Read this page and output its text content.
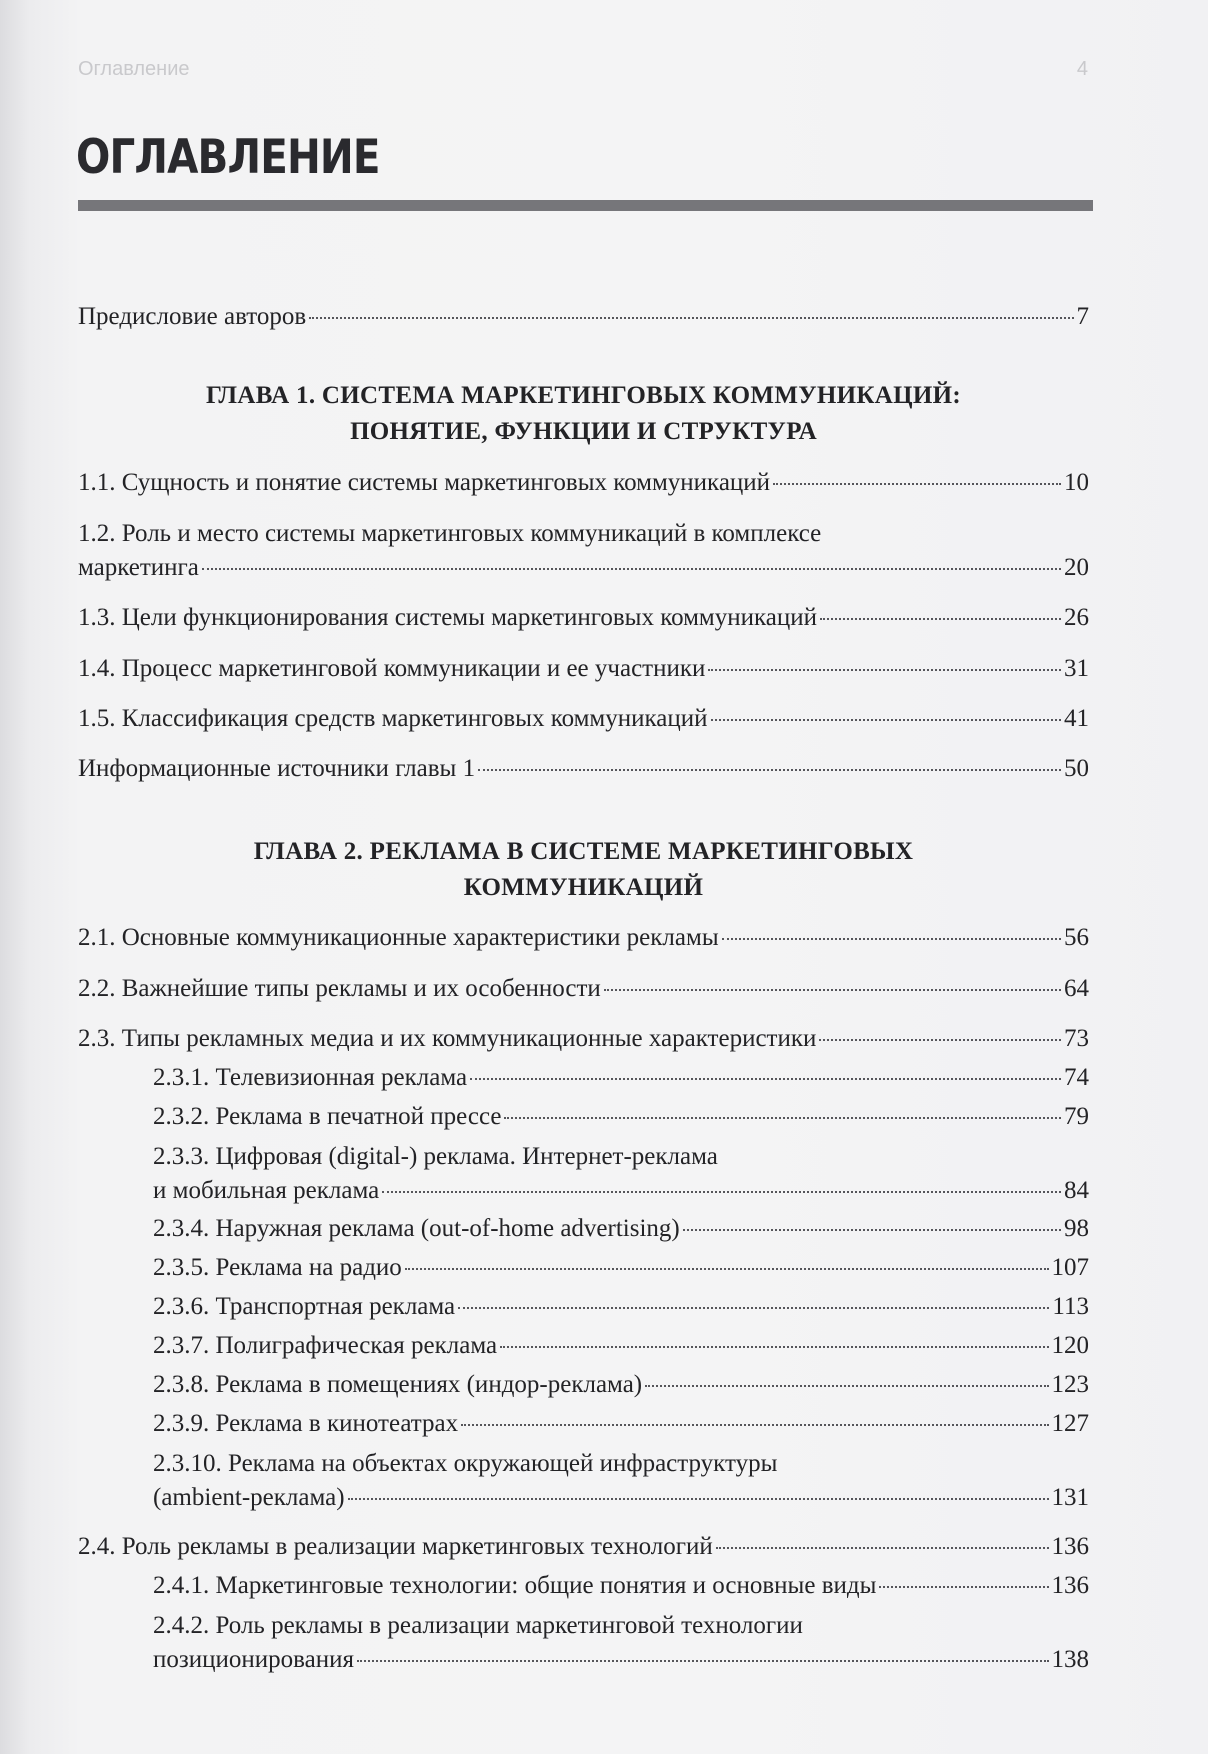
Оглавление	4
ОГЛАВЛЕНИЕ
Предисловие авторов	7
ГЛАВА 1. СИСТЕМА МАРКЕТИНГОВЫХ КОММУНИКАЦИЙ:
ПОНЯТИЕ, ФУНКЦИИ И СТРУКТУРА
1.1. Сущность и понятие системы маркетинговых коммуникаций	10
1.2. Роль и место системы маркетинговых коммуникаций в комплексе
маркетинга	20
1.3. Цели функционирования системы маркетинговых коммуникаций	26
1.4. Процесс маркетинговой коммуникации и ее участники	31
1.5. Классификация средств маркетинговых коммуникаций	41
Информационные источники главы 1	50
ГЛАВА 2. РЕКЛАМА В СИСТЕМЕ МАРКЕТИНГОВЫХ
КОММУНИКАЦИЙ
2.1. Основные коммуникационные характеристики рекламы	56
2.2. Важнейшие типы рекламы и их особенности	64
2.3. Типы рекламных медиа и их коммуникационные характеристики	73
2.3.1. Телевизионная реклама	74
2.3.2. Реклама в печатной прессе	79
2.3.3. Цифровая (digital-) реклама. Интернет-реклама
и мобильная реклама	84
2.3.4. Наружная реклама (out-of-home advertising)	98
2.3.5. Реклама на радио	107
2.3.6. Транспортная реклама	113
2.3.7. Полиграфическая реклама	120
2.3.8. Реклама в помещениях (индор-реклама)	123
2.3.9. Реклама в кинотеатрах	127
2.3.10. Реклама на объектах окружающей инфраструктуры
(ambient-реклама)	131
2.4. Роль рекламы в реализации маркетинговых технологий	136
2.4.1. Маркетинговые технологии: общие понятия и основные виды	136
2.4.2. Роль рекламы в реализации маркетинговой технологии
позиционирования	138
